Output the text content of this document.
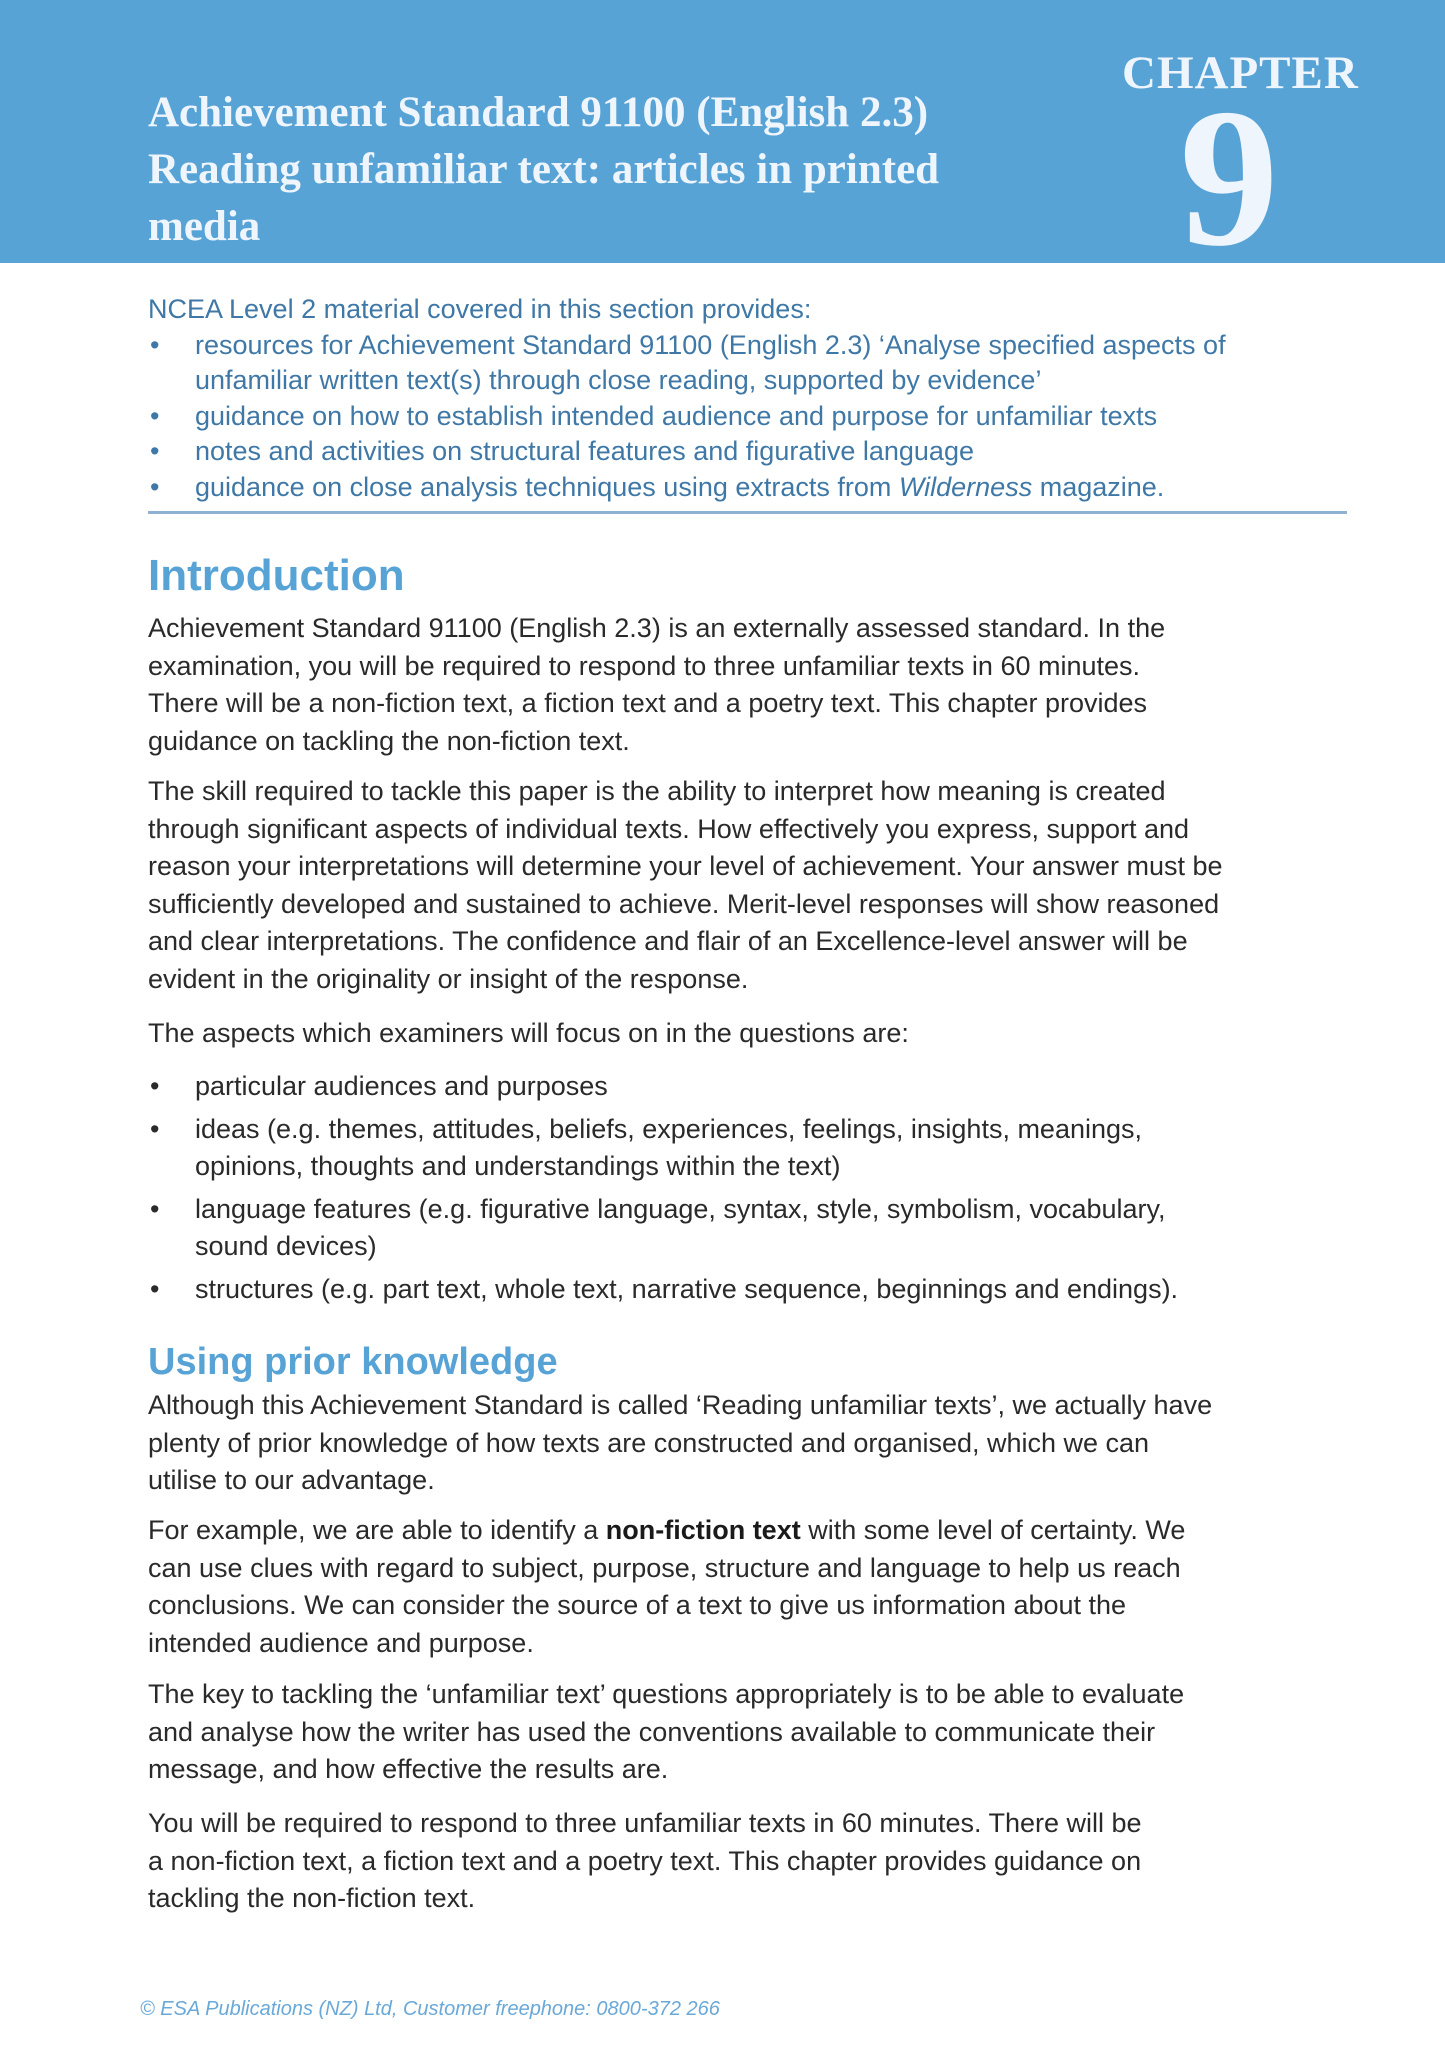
Achievement Standard 91100 (English 2.3)
Reading unfamiliar text: articles in printed
media
CHAPTER
9
NCEA Level 2 material covered in this section provides:
• resources for Achievement Standard 91100 (English 2.3) ‘Analyse specified aspects of
unfamiliar written text(s) through close reading, supported by evidence’
• guidance on how to establish intended audience and purpose for unfamiliar texts
• notes and activities on structural features and figurative language
• guidance on close analysis techniques using extracts from Wilderness magazine.
Introduction
Achievement Standard 91100 (English 2.3) is an externally assessed standard. In the
examination, you will be required to respond to three unfamiliar texts in 60 minutes.
There will be a non-fiction text, a fiction text and a poetry text. This chapter provides
guidance on tackling the non-fiction text.
The skill required to tackle this paper is the ability to interpret how meaning is created
through significant aspects of individual texts. How effectively you express, support and
reason your interpretations will determine your level of achievement. Your answer must be
sufficiently developed and sustained to achieve. Merit-level responses will show reasoned
and clear interpretations. The confidence and flair of an Excellence-level answer will be
evident in the originality or insight of the response.
The aspects which examiners will focus on in the questions are:
• particular audiences and purposes
• ideas (e.g. themes, attitudes, beliefs, experiences, feelings, insights, meanings,
opinions, thoughts and understandings within the text)
• language features (e.g. figurative language, syntax, style, symbolism, vocabulary,
sound devices)
• structures (e.g. part text, whole text, narrative sequence, beginnings and endings).
Using prior knowledge
Although this Achievement Standard is called ‘Reading unfamiliar texts’, we actually have
plenty of prior knowledge of how texts are constructed and organised, which we can
utilise to our advantage.
For example, we are able to identify a non-fiction text with some level of certainty. We
can use clues with regard to subject, purpose, structure and language to help us reach
conclusions. We can consider the source of a text to give us information about the
intended audience and purpose.
The key to tackling the ‘unfamiliar text’ questions appropriately is to be able to evaluate
and analyse how the writer has used the conventions available to communicate their
message, and how effective the results are.
You will be required to respond to three unfamiliar texts in 60 minutes. There will be
a non-fiction text, a fiction text and a poetry text. This chapter provides guidance on
tackling the non-fiction text.
© ESA Publications (NZ) Ltd, Customer freephone: 0800-372 266
